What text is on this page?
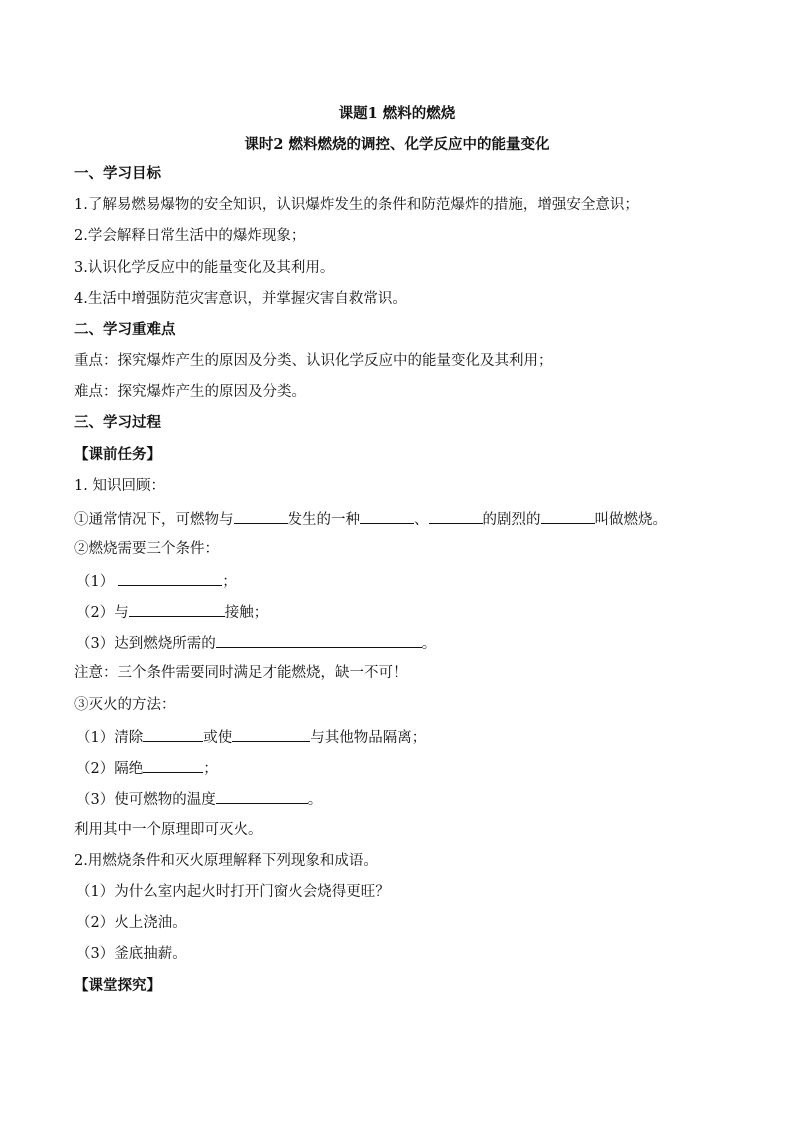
课题1 燃料的燃烧
课时2 燃料燃烧的调控、化学反应中的能量变化
一、学习目标
1.了解易燃易爆物的安全知识，认识爆炸发生的条件和防范爆炸的措施，增强安全意识；
2.学会解释日常生活中的爆炸现象；
3.认识化学反应中的能量变化及其利用。
4.生活中增强防范灾害意识，并掌握灾害自救常识。
二、学习重难点
重点：探究爆炸产生的原因及分类、认识化学反应中的能量变化及其利用；
难点：探究爆炸产生的原因及分类。
三、学习过程
【课前任务】
1. 知识回顾：
①通常情况下，可燃物与	发生的一种	、	的剧烈的	叫做燃烧。
②燃烧需要三个条件：
（1）	；
（2）与	接触；
（3）达到燃烧所需的	。
注意：三个条件需要同时满足才能燃烧，缺一不可！
③灭火的方法：
（1）清除	或使	与其他物品隔离；
（2）隔绝	；
（3）使可燃物的温度	。
利用其中一个原理即可灭火。
2.用燃烧条件和灭火原理解释下列现象和成语。
（1）为什么室内起火时打开门窗火会烧得更旺？
（2）火上浇油。
（3）釜底抽薪。
【课堂探究】
